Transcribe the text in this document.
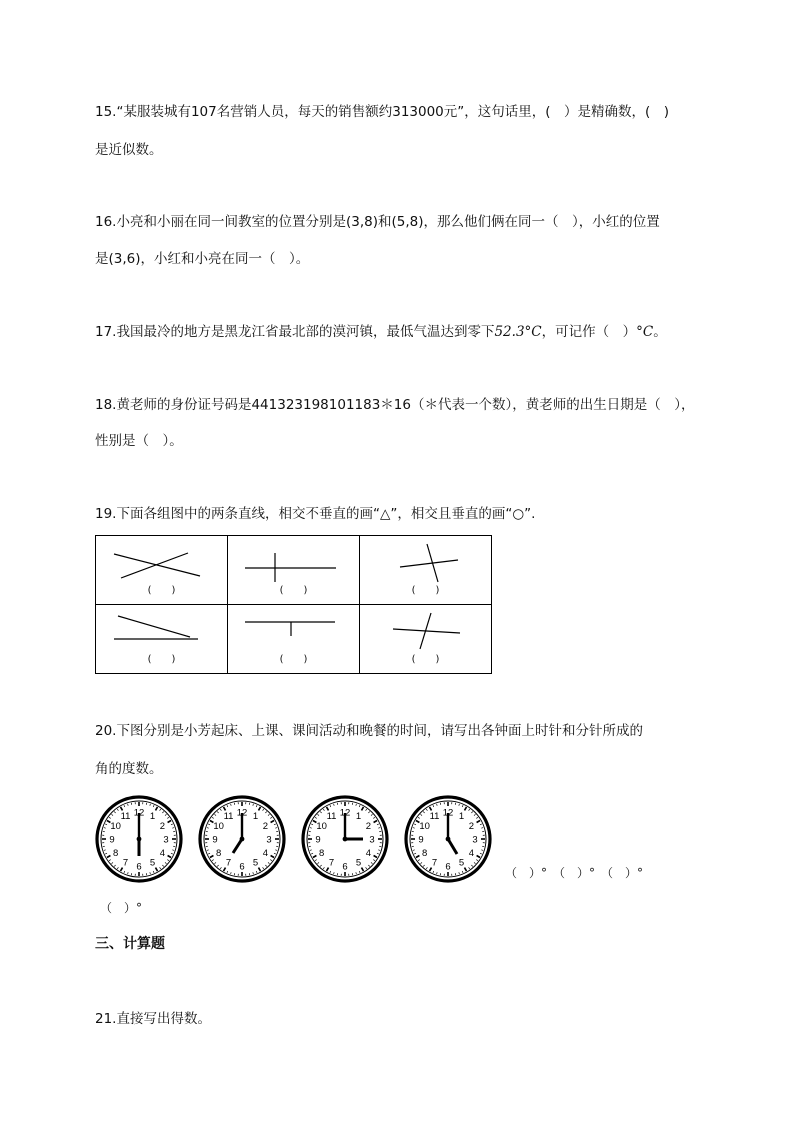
15.“某服装城有107名营销人员，每天的销售额约313000元”，这句话里，(　）是精确数，(　)
是近似数。
16.小亮和小丽在同一间教室的位置分别是(3,8)和(5,8)，那么他们俩在同一（　），小红的位置
是(3,6)，小红和小亮在同一（　）。
17.我国最冷的地方是黑龙江省最北部的漠河镇，最低气温达到零下52.3°C，可记作（　）°C。
18.黄老师的身份证号码是441323198101183＊16（＊代表一个数），黄老师的出生日期是（　），
性别是（　）。
19.下面各组图中的两条直线，相交不垂直的画“△”，相交且垂直的画“○”.
(　　)	(　　)	(　　)

(　　)	(　　)	(　　)
20.下图分别是小芳起床、上课、课间活动和晚餐的时间，请写出各钟面上时针和分针所成的
角的度数。
1
2
3
4
5
6
7
8
9
10
11 12	1
2
3
4
5
6
7
8
9
10
11 12	1
2
3
4
5
6
7
8
9
10
11 12	1
2
3
4
5
6
7
8
9
10
11 12
（　）°　（　）°　（　）°
（　）°
三、计算题
21.直接写出得数。
